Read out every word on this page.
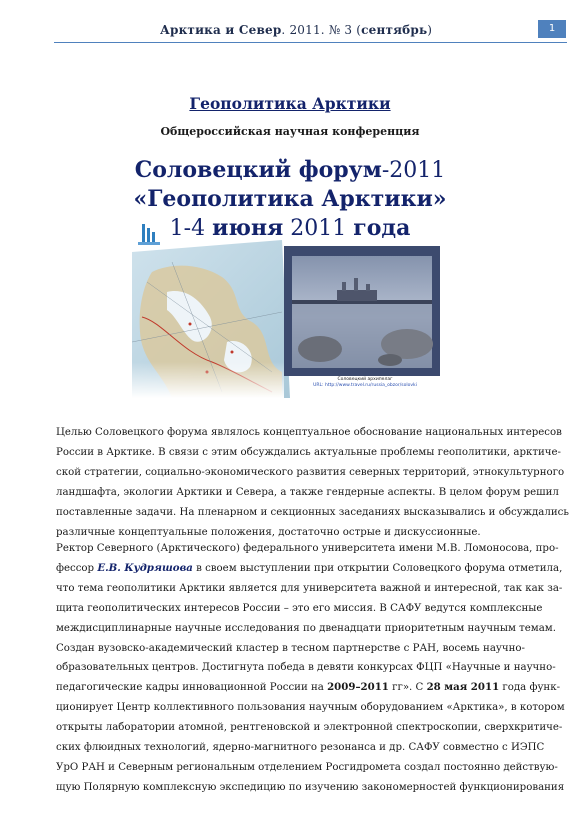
Арктика и Север. 2011. № 3 (сентябрь)	1
Геополитика Арктики
Общероссийская научная конференция
Соловецкий форум-2011
«Геополитика Арктики»
1-4 июня 2011 года
Соловецкий архипелаг
URL: http://www.travel.ru/russia_obzor/solovki
Целью Соловецкого форума являлось концептуальное обоснование национальных интересов
России в Арктике. В связи с этим обсуждались актуальные проблемы геополитики, арктиче-
ской стратегии, социально-экономического развития северных территорий, этнокультурного
ландшафта, экологии Арктики и Севера, а также гендерные аспекты. В целом форум решил
поставленные задачи. На пленарном и секционных заседаниях высказывались и обсуждались
различные концептуальные положения, достаточно острые и дискуссионные.
Ректор Северного (Арктического) федерального университета имени М.В. Ломоносова, про-
фессор Е.В. Кудряшова в своем выступлении при открытии Соловецкого форума отметила,
что тема геополитики Арктики является для университета важной и интересной, так как за-
щита геополитических интересов России – это его миссия. В САФУ ведутся комплексные
междисциплинарные научные исследования по двенадцати приоритетным научным темам.
Создан вузовско-академический кластер в тесном партнерстве с РАН, восемь научно-
образовательных центров. Достигнута победа в девяти конкурсах ФЦП «Научные и научно-
педагогические кадры инновационной России на 2009–2011 гг». С 28 мая 2011 года функ-
ционирует Центр коллективного пользования научным оборудованием «Арктика», в котором
открыты лаборатории атомной, рентгеновской и электронной спектроскопии, сверхкритиче-
ских флюидных технологий, ядерно-магнитного резонанса и др. САФУ совместно с ИЭПС
УрО РАН и Северным региональным отделением Росгидромета создал постоянно действую-
щую Полярную комплексную экспедицию по изучению закономерностей функционирования
